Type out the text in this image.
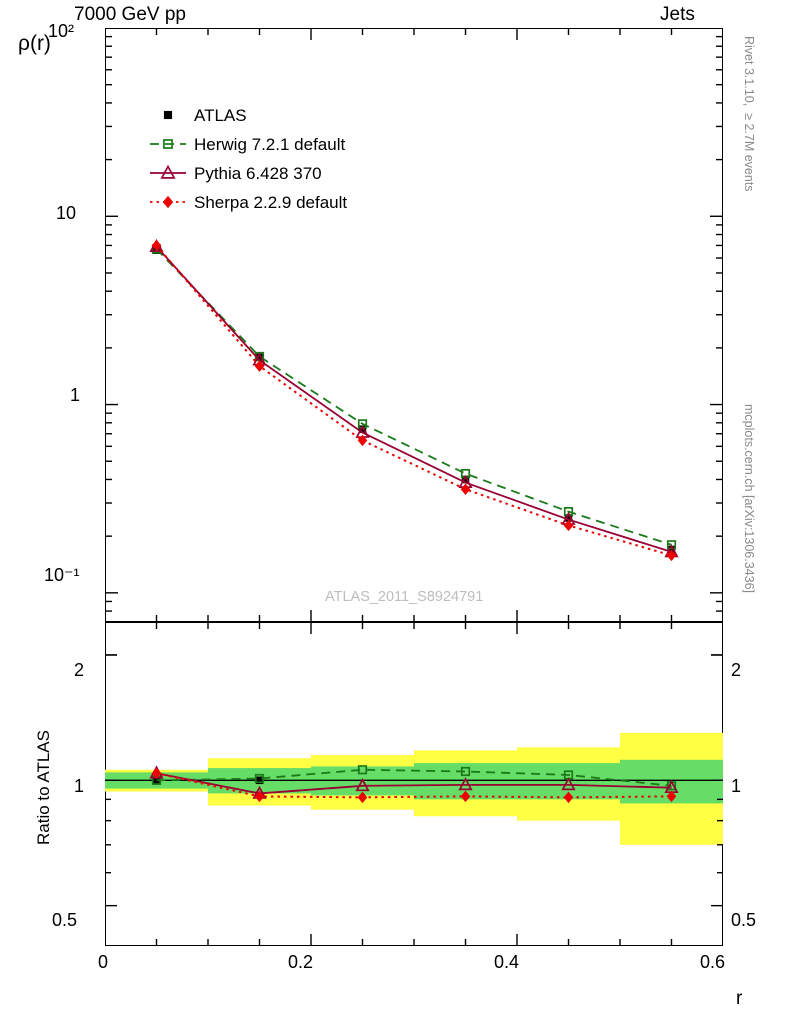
7000 GeV pp	Jets
Rivet 3.1.10,  ≥ 2.7M events
mcplots.cern.ch [arXiv:1306.3436]
ρ(r)
10²
10
1
10⁻¹
ATLAS
Herwig 7.2.1 default
Pythia 6.428 370
Sherpa 2.2.9 default
ATLAS_2011_S8924791
Ratio to ATLAS
2
1
0.5
2
1
0.5
0	0.2	0.4	0.6
r
